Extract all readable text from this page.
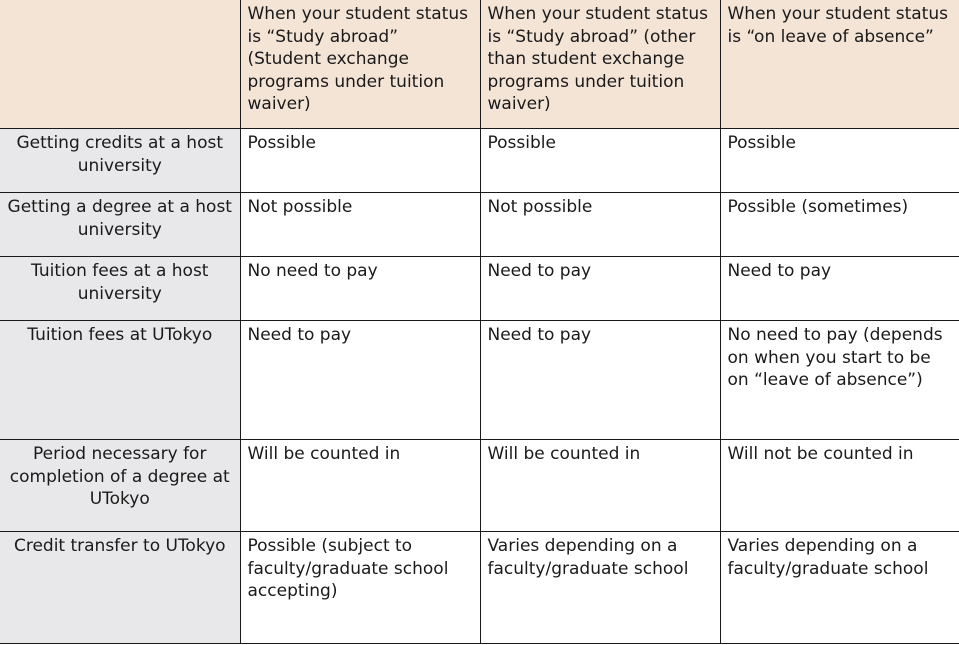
	When your student status is “Study abroad” (Student exchange programs under tuition waiver)	When your student status is “Study abroad” (other than student exchange programs under tuition waiver)	When your student status is “on leave of absence”
Getting credits at a host university	Possible	Possible	Possible
Getting a degree at a host university	Not possible	Not possible	Possible (sometimes)
Tuition fees at a host university	No need to pay	Need to pay	Need to pay
Tuition fees at UTokyo	Need to pay	Need to pay	No need to pay (depends on when you start to be on “leave of absence”)
Period necessary for completion of a degree at UTokyo	Will be counted in	Will be counted in	Will not be counted in
Credit transfer to UTokyo	Possible (subject to faculty/graduate school accepting)	Varies depending on a faculty/graduate school	Varies depending on a faculty/graduate school
